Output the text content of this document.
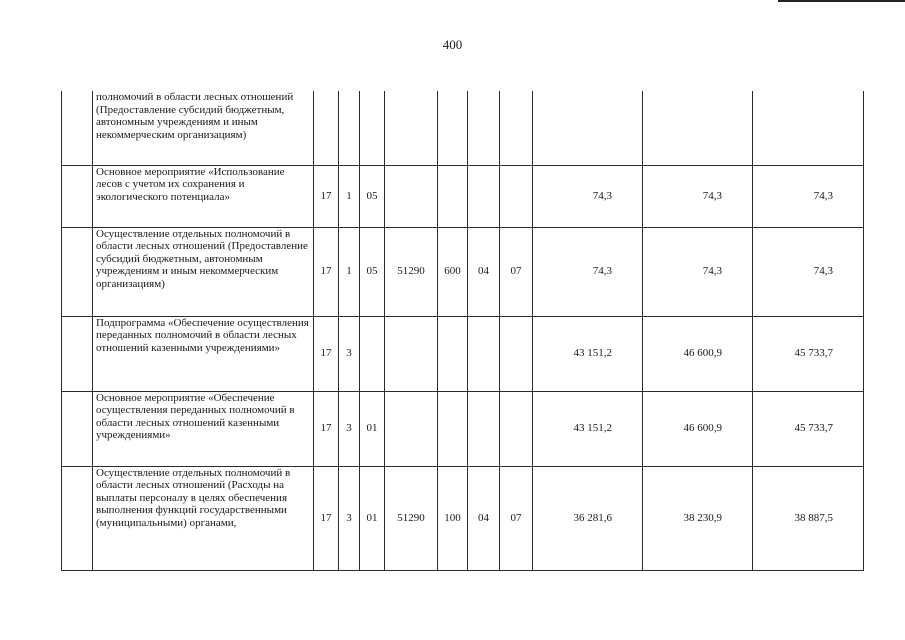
400
	полномочий в области лесных отношений (Предоставление субсидий бюджетным, автономным учреждениям и иным некоммерческим организациям)										
	Основное мероприятие «Использование лесов с учетом их сохранения и экологического потенциала»	17	1	05					74,3	74,3	74,3
	Осуществление отдельных полномочий в области лесных отношений (Предоставление субсидий бюджетным, автономным учреждениям и иным некоммерческим организациям)	17	1	05	51290	600	04	07	74,3	74,3	74,3
	Подпрограмма «Обеспечение осуществления переданных полномочий в области лесных отношений казенными учреждениями»	17	3						43 151,2	46 600,9	45 733,7
	Основное мероприятие «Обеспечение осуществления переданных полномочий в области лесных отношений казенными учреждениями»	17	3	01					43 151,2	46 600,9	45 733,7
	Осуществление отдельных полномочий в области лесных отношений (Расходы на выплаты персоналу в целях обеспечения выполнения функций государственными (муниципальными) органами,	17	3	01	51290	100	04	07	36 281,6	38 230,9	38 887,5
